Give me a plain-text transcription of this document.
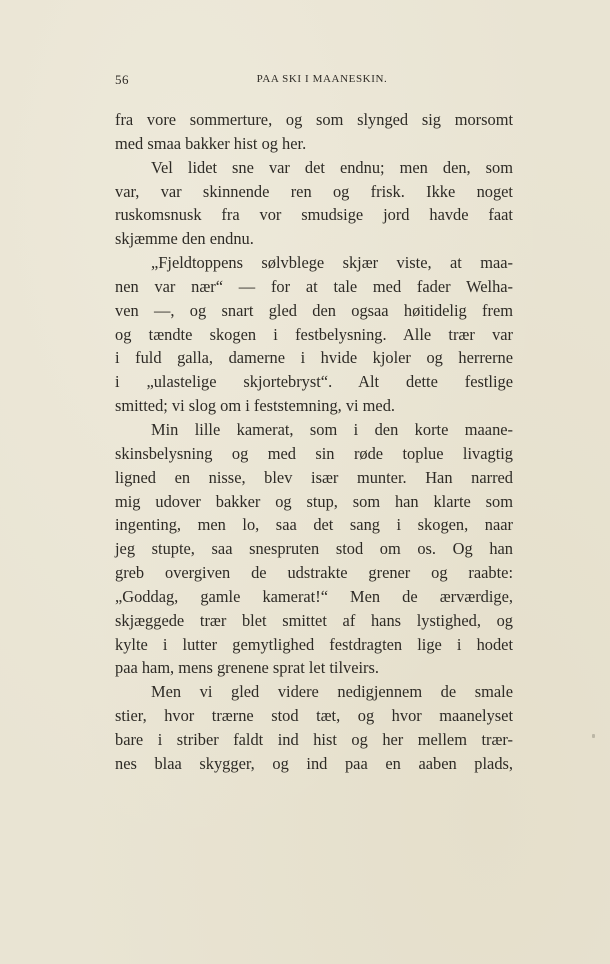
56	PAA SKI I MAANESKIN.
fra vore sommerture, og som slynged sig morsomt
med smaa bakker hist og her.
Vel lidet sne var det endnu; men den, som
var, var skinnende ren og frisk. Ikke noget
ruskomsnusk fra vor smudsige jord havde faat
skjæmme den endnu.
„Fjeldtoppens sølvblege skjær viste, at maa-
nen var nær“ — for at tale med fader Welha-
ven —, og snart gled den ogsaa høitidelig frem
og tændte skogen i festbelysning. Alle trær var
i fuld galla, damerne i hvide kjoler og herrerne
i „ulastelige skjortebryst“. Alt dette festlige
smitted; vi slog om i feststemning, vi med.
Min lille kamerat, som i den korte maane-
skinsbelysning og med sin røde toplue livagtig
ligned en nisse, blev især munter. Han narred
mig udover bakker og stup, som han klarte som
ingenting, men lo, saa det sang i skogen, naar
jeg stupte, saa snespruten stod om os. Og han
greb overgiven de udstrakte grener og raabte:
„Goddag, gamle kamerat!“ Men de ærværdige,
skjæggede trær blet smittet af hans lystighed, og
kylte i lutter gemytlighed festdragten lige i hodet
paa ham, mens grenene sprat let tilveirs.
Men vi gled videre nedigjennem de smale
stier, hvor trærne stod tæt, og hvor maanelyset
bare i striber faldt ind hist og her mellem trær-
nes blaa skygger, og ind paa en aaben plads,
